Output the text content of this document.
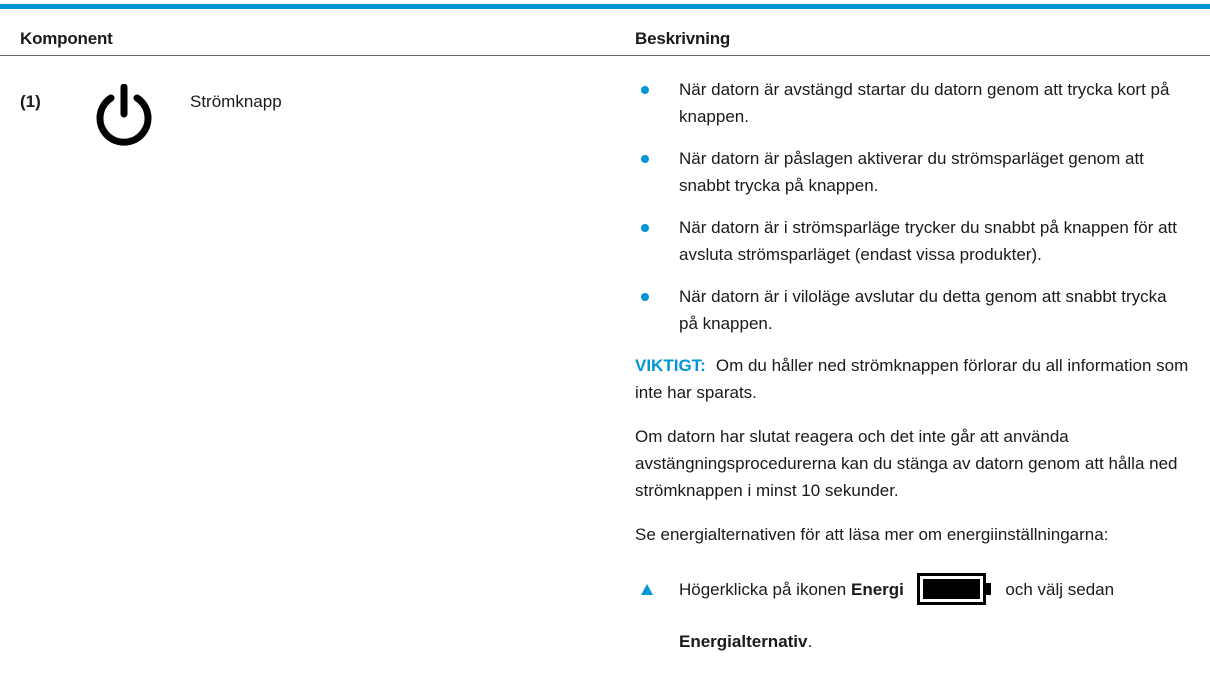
Komponent	Beskrivning
(1)	Strömknapp
När datorn är avstängd startar du datorn genom att trycka kort på knappen.
När datorn är påslagen aktiverar du strömsparläget genom att snabbt trycka på knappen.
När datorn är i strömsparläge trycker du snabbt på knappen för att avsluta strömsparläget (endast vissa produkter).
När datorn är i viloläge avslutar du detta genom att snabbt trycka på knappen.

VIKTIGT: Om du håller ned strömknappen förlorar du all information som inte har sparats.

Om datorn har slutat reagera och det inte går att använda avstängningsprocedurerna kan du stänga av datorn genom att hålla ned strömknappen i minst 10 sekunder.

Se energialternativen för att läsa mer om energiinställningarna:

Högerklicka på ikonen Energi	och välj sedan
Energialternativ.
